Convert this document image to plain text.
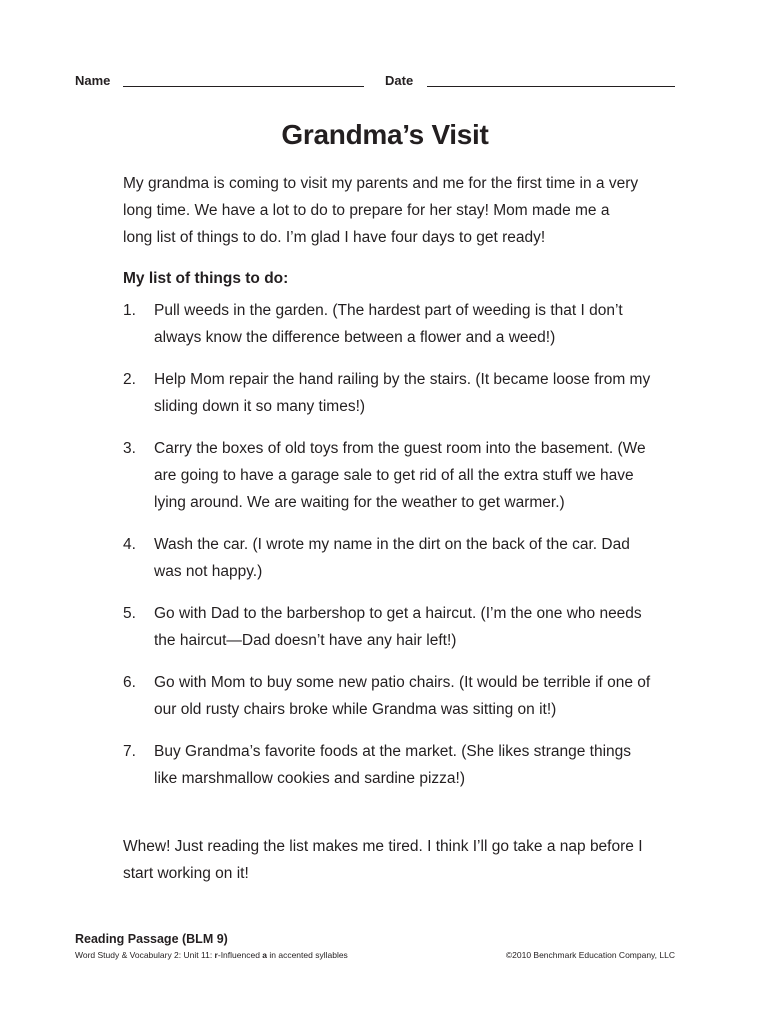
Name	Date
Grandma’s Visit

My grandma is coming to visit my parents and me for the first time in a very long time. We have a lot to do to prepare for her stay! Mom made me a long list of things to do. I’m glad I have four days to get ready!

My list of things to do:
1. Pull weeds in the garden. (The hardest part of weeding is that I don’t always know the difference between a flower and a weed!)
2. Help Mom repair the hand railing by the stairs. (It became loose from my sliding down it so many times!)
3. Carry the boxes of old toys from the guest room into the basement. (We are going to have a garage sale to get rid of all the extra stuff we have lying around. We are waiting for the weather to get warmer.)
4. Wash the car. (I wrote my name in the dirt on the back of the car. Dad was not happy.)
5. Go with Dad to the barbershop to get a haircut. (I’m the one who needs the haircut—Dad doesn’t have any hair left!)
6. Go with Mom to buy some new patio chairs. (It would be terrible if one of our old rusty chairs broke while Grandma was sitting on it!)
7. Buy Grandma’s favorite foods at the market. (She likes strange things like marshmallow cookies and sardine pizza!)

Whew! Just reading the list makes me tired. I think I’ll go take a nap before I start working on it!

Reading Passage (BLM 9)
Word Study & Vocabulary 2: Unit 11: r-Influenced a in accented syllables	©2010 Benchmark Education Company, LLC
